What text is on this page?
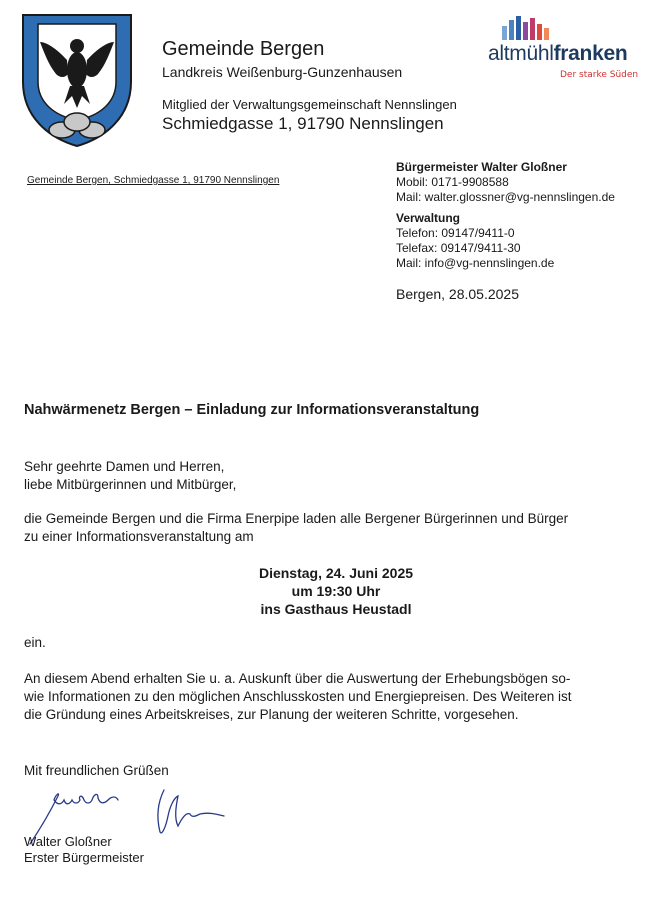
altmühlfranken
Der starke Süden
Gemeinde Bergen
Landkreis Weißenburg-Gunzenhausen
Mitglied der Verwaltungsgemeinschaft Nennslingen
Schmiedgasse 1, 91790 Nennslingen
Gemeinde Bergen, Schmiedgasse 1, 91790 Nennslingen
Bürgermeister Walter Gloßner
Mobil: 0171-9908588
Mail: walter.glossner@vg-nennslingen.de
Verwaltung
Telefon: 09147/9411-0
Telefax: 09147/9411-30
Mail: info@vg-nennslingen.de
Bergen, 28.05.2025
Nahwärmenetz Bergen – Einladung zur Informationsveranstaltung
Sehr geehrte Damen und Herren,
liebe Mitbürgerinnen und Mitbürger,
die Gemeinde Bergen und die Firma Enerpipe laden alle Bergener Bürgerinnen und Bürger
zu einer Informationsveranstaltung am
Dienstag, 24. Juni 2025
um 19:30 Uhr
ins Gasthaus Heustadl
ein.
An diesem Abend erhalten Sie u. a. Auskunft über die Auswertung der Erhebungsbögen so-
wie Informationen zu den möglichen Anschlusskosten und Energiepreisen. Des Weiteren ist
die Gründung eines Arbeitskreises, zur Planung der weiteren Schritte, vorgesehen.
Mit freundlichen Grüßen
Walter Gloßner
Erster Bürgermeister
